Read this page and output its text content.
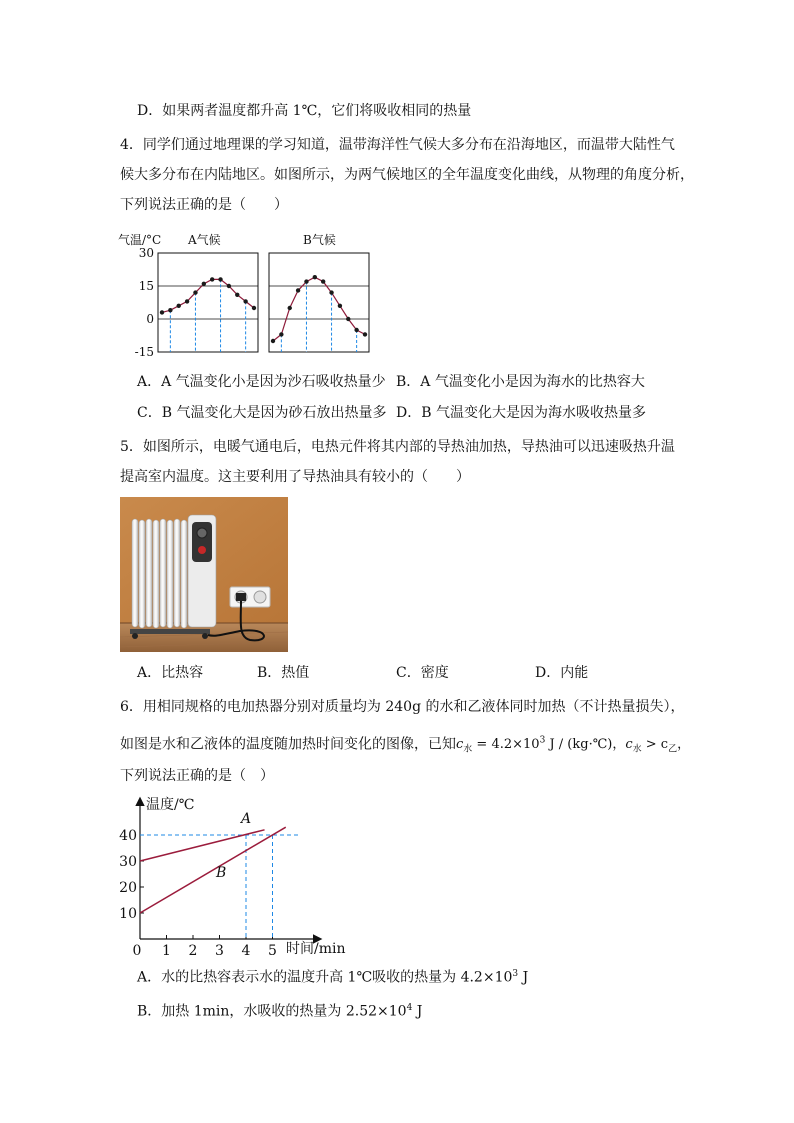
D．如果两者温度都升高 1℃，它们将吸收相同的热量
4．同学们通过地理课的学习知道，温带海洋性气候大多分布在沿海地区，而温带大陆性气
候大多分布在内陆地区。如图所示，为两气候地区的全年温度变化曲线，从物理的角度分析，
下列说法正确的是（　　）
气温/°C A气候	B气候
30
15
0
-15
A．A 气温变化小是因为沙石吸收热量少 B．A 气温变化小是因为海水的比热容大
C．B 气温变化大是因为砂石放出热量多 D．B 气温变化大是因为海水吸收热量多
5．如图所示，电暖气通电后，电热元件将其内部的导热油加热，导热油可以迅速吸热升温
提高室内温度。这主要利用了导热油具有较小的（　　）
A．比热容	B．热值	C．密度	D．内能
6．用相同规格的电加热器分别对质量均为 240g 的水和乙液体同时加热（不计热量损失），
如图是水和乙液体的温度随加热时间变化的图像，已知$c_水 = 4.2\times 10^3$ J / (kg·℃)，$c_水 > c_乙$，
下列说法正确的是（　）
10
20
30
40
0 1 2 3 4 5
温度/℃
时间/min
A
B
A．水的比热容表示水的温度升高 1℃吸收的热量为 $4.2\times 10^3$ J
B．加热 1min，水吸收的热量为 $2.52\times 10^4$ J
